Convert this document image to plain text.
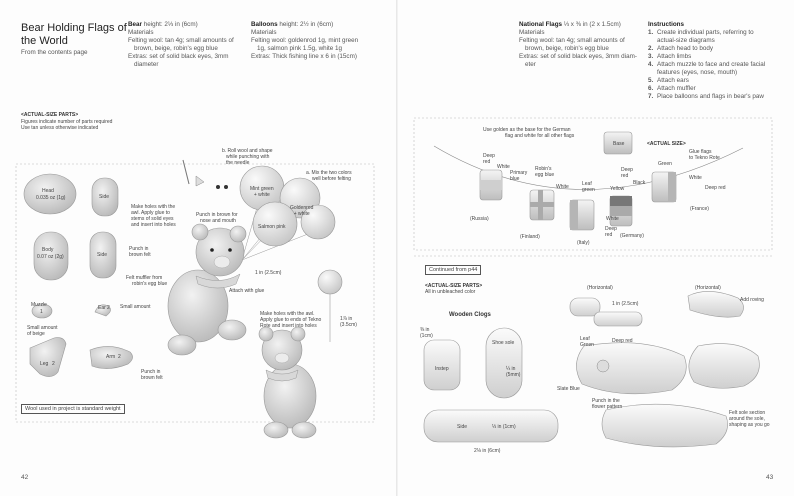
Bear Holding Flags of
the World
From the contents page
Bear height: 2⅓ in (6cm)
Materials
Felting wool: tan 4g; small amounts of
brown, beige, robin's egg blue
Extras: set of solid black eyes, 3mm
diameter
Balloons height: 2½ in (6cm)
Materials
Felting wool: goldenrod 1g, mint green
1g, salmon pink 1.5g, white 1g
Extras: Thick fishing line x 6 in (15cm)
<ACTUAL-SIZE PARTS>
Figures indicate number of parts required
Use tan unless otherwise indicated
Head
0.035 oz (1g)	Side
Body
0.07 oz (2g)	Side
Muzzle
1
Ear 2 Small amount
Small amount
of beige
Leg 2
Arm 2
b. Roll wool and shape
while punching with
the needle
a. Mix the two colors
well before felting
Mint green
+ white
Goldenrod
+ white
Salmon pink
Make holes with the
awl. Apply glue to
stems of solid eyes
and insert into holes
Punch in brown for
nose and mouth
Punch in
brown felt
Felt muffler from
robin's egg blue
Attach with glue
1 in (2.5cm)
Make holes with the awl.
Apply glue to ends of Tekno
Rote and insert into holes
1⅞ in
(3.5cm)
Punch in
brown felt
Wool used in project is standard weight
42
National Flags ⅓ x ⅜ in (2 x 1.5cm)
Materials
Felting wool: tan 4g; small amounts of
brown, beige, robin's egg blue
Extras: set of solid black eyes, 3mm diam-
eter
Instructions
1. Create individual parts, referring to
actual-size diagrams
2. Attach head to body
3. Attach limbs
4. Attach muzzle to face and create facial
features (eyes, nose, mouth)
5. Attach ears
6. Attach muffler
7. Place balloons and flags in bear's paw
Use golden as the base for the German
flag and white for all other flags
Base	<ACTUAL SIZE>
Glue flags
to Tekno Rote
Deep
red
White
Primary
blue
Robin's
egg blue
White	Leaf
green	Yellow
Deep
red
Black
Green
White
Deep red
White
Deep
red
(Russia)
(Finland)
(Italy)
(Germany)
(France)
Continued from p44
<ACTUAL-SIZE PARTS>
All in unbleached color
Wooden Clogs
⅜ in
(1cm)
Instep
Shoe sole
¼ in
(5mm)
Side	⅓ in (1cm)
2⅛ in (6cm)
(Horizontal)	(Horizontal)
1 in (2.5cm)
Add roving
Leaf
Green
Deep red
Slate Blue
Punch in the
flower pattern
Felt sole section
around the sole,
shaping as you go
43
